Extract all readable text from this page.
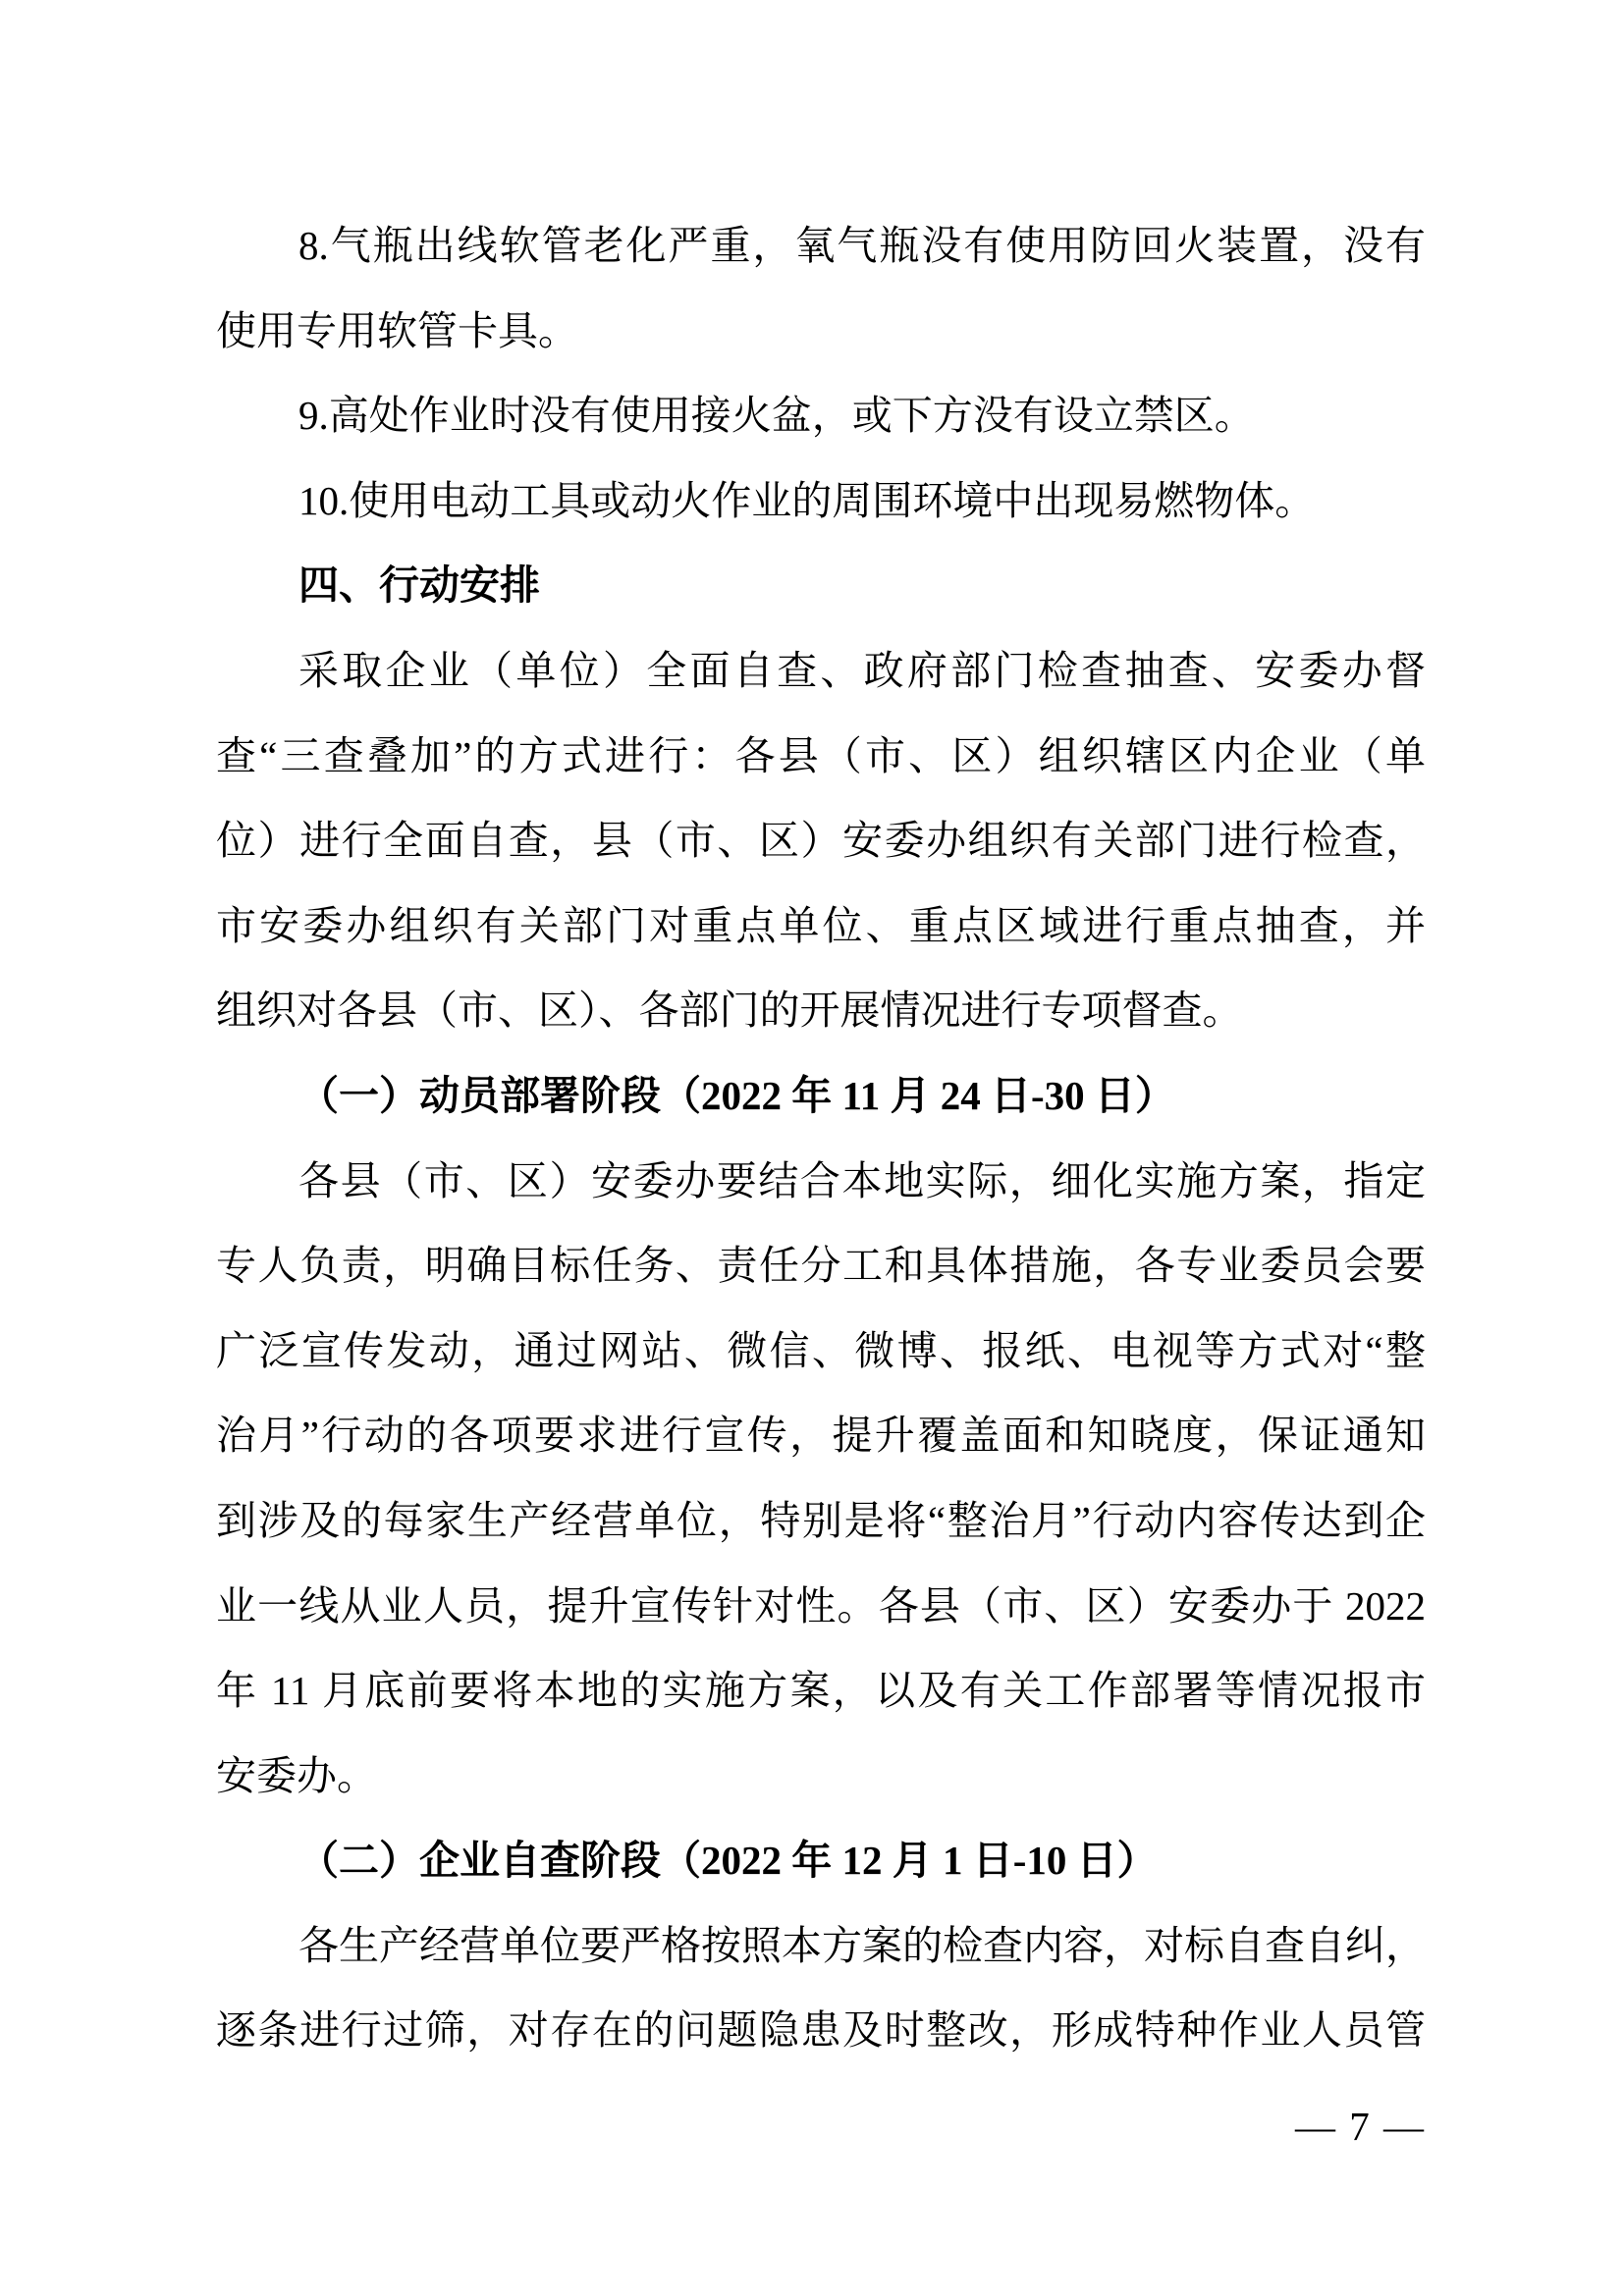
8.气瓶出线软管老化严重，氧气瓶没有使用防回火装置，没有
使用专用软管卡具。
9.高处作业时没有使用接火盆，或下方没有设立禁区。
10.使用电动工具或动火作业的周围环境中出现易燃物体。
四、行动安排
采取企业（单位）全面自查、政府部门检查抽查、安委办督
查“三查叠加”的方式进行：各县（市、区）组织辖区内企业（单
位）进行全面自查，县（市、区）安委办组织有关部门进行检查，
市安委办组织有关部门对重点单位、重点区域进行重点抽查，并
组织对各县（市、区）、各部门的开展情况进行专项督查。
（一）动员部署阶段（2022 年 11 月 24 日-30 日）
各县（市、区）安委办要结合本地实际，细化实施方案，指定
专人负责，明确目标任务、责任分工和具体措施，各专业委员会要
广泛宣传发动，通过网站、微信、微博、报纸、电视等方式对“整
治月”行动的各项要求进行宣传，提升覆盖面和知晓度，保证通知
到涉及的每家生产经营单位，特别是将“整治月”行动内容传达到企
业一线从业人员，提升宣传针对性。各县（市、区）安委办于 2022
年 11 月底前要将本地的实施方案，以及有关工作部署等情况报市
安委办。
（二）企业自查阶段（2022 年 12 月 1 日-10 日）
各生产经营单位要严格按照本方案的检查内容，对标自查自纠，
逐条进行过筛，对存在的问题隐患及时整改，形成特种作业人员管
— 7 —
